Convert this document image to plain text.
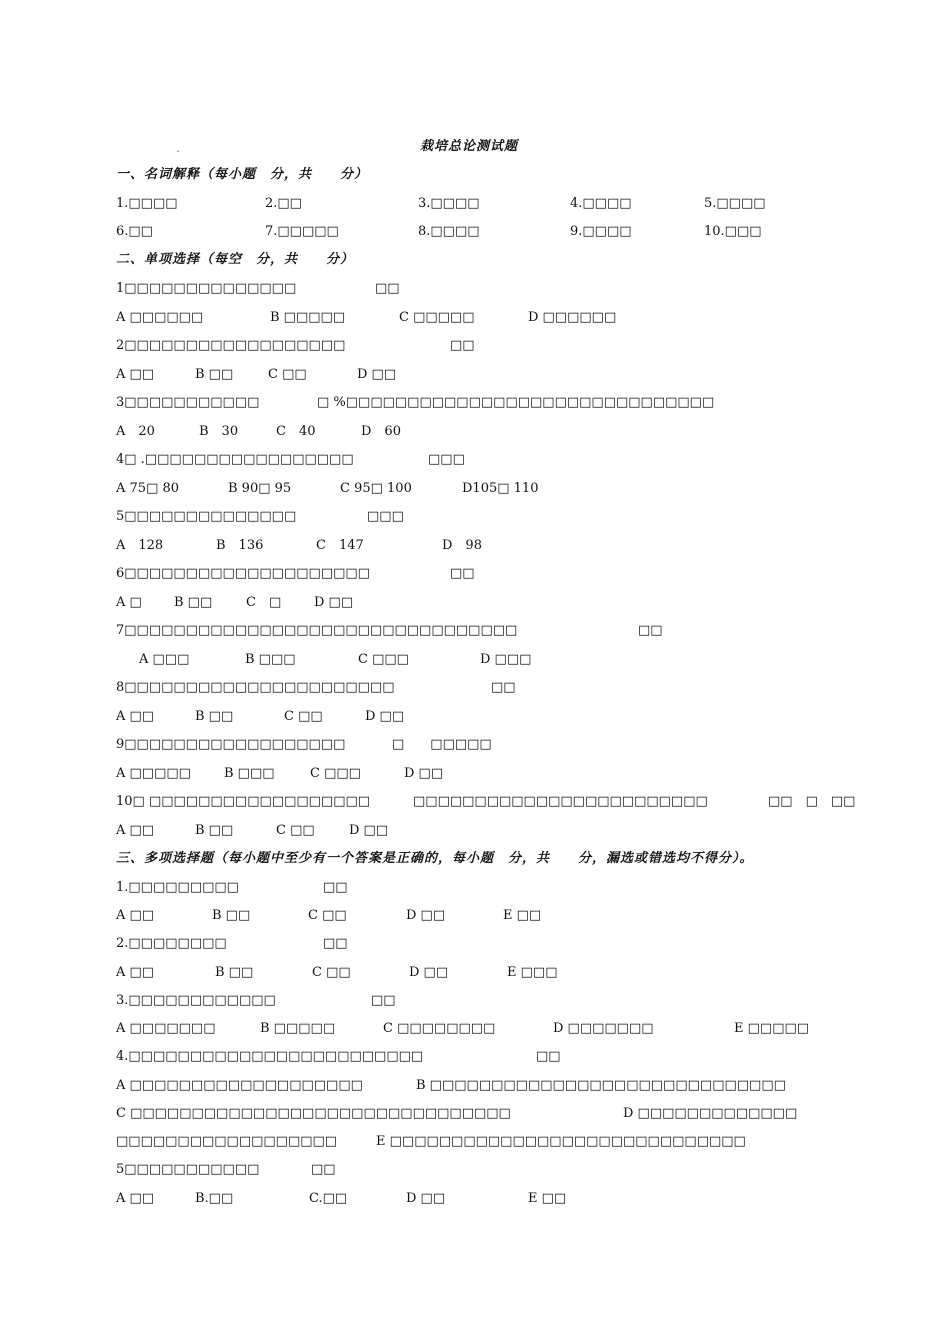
ˇ
栽培总论测试题
一、名词解释（每小题　分，共　　分）
1.□□□□	2.□□	3.□□□□	4.□□□□	5.□□□□
6.□□	7.□□□□□	8.□□□□	9.□□□□	10.□□□
二、单项选择（每空　分，共　　分）
1□□□□□□□□□□□□□□	□□
A □□□□□□	B □□□□□	C □□□□□	D □□□□□□
2□□□□□□□□□□□□□□□□□□	□□
A □□	B □□	C □□	D □□
3□□□□□□□□□□□	□ %□□□□□□□□□□□□□□□□□□□□□□□□□□□□□□
A　20	B　30	C　40	D　60
4□ .□□□□□□□□□□□□□□□□□	□□□
A 75□ 80	B 90□ 95	C 95□ 100	D105□ 110
5□□□□□□□□□□□□□□	□□□
A　128	B　136	C　147	D　98
6□□□□□□□□□□□□□□□□□□□□	□□
A □ B □□	C　□	D □□
7□□□□□□□□□□□□□□□□□□□□□□□□□□□□□□□□	□□
A □□□	B □□□	C □□□	D □□□
8□□□□□□□□□□□□□□□□□□□□□□	□□
A □□	B □□	C □□	D □□
9□□□□□□□□□□□□□□□□□□	□　　□□□□□
A □□□□□	B □□□	C □□□	D □□
10□ □□□□□□□□□□□□□□□□□□	□□□□□□□□□□□□□□□□□□□□□□□□	□□　□　□□
A □□	B □□	C □□	D □□
三、多项选择题（每小题中至少有一个答案是正确的，每小题　分，共　　分，漏选或错选均不得分）。
1.□□□□□□□□□	□□
A □□	B □□	C □□	D □□	E □□
2.□□□□□□□□	□□
A □□	B □□	C □□	D □□	E □□□
3.□□□□□□□□□□□□	□□
A □□□□□□□	B □□□□□	C □□□□□□□□	D □□□□□□□	E □□□□□
4.□□□□□□□□□□□□□□□□□□□□□□□□	□□
A □□□□□□□□□□□□□□□□□□□	B □□□□□□□□□□□□□□□□□□□□□□□□□□□□□
C □□□□□□□□□□□□□□□□□□□□□□□□□□□□□□□	D □□□□□□□□□□□□□
□□□□□□□□□□□□□□□□□□	E □□□□□□□□□□□□□□□□□□□□□□□□□□□□□
5□□□□□□□□□□□	□□
A □□	B.□□	C.□□	D □□	E □□
